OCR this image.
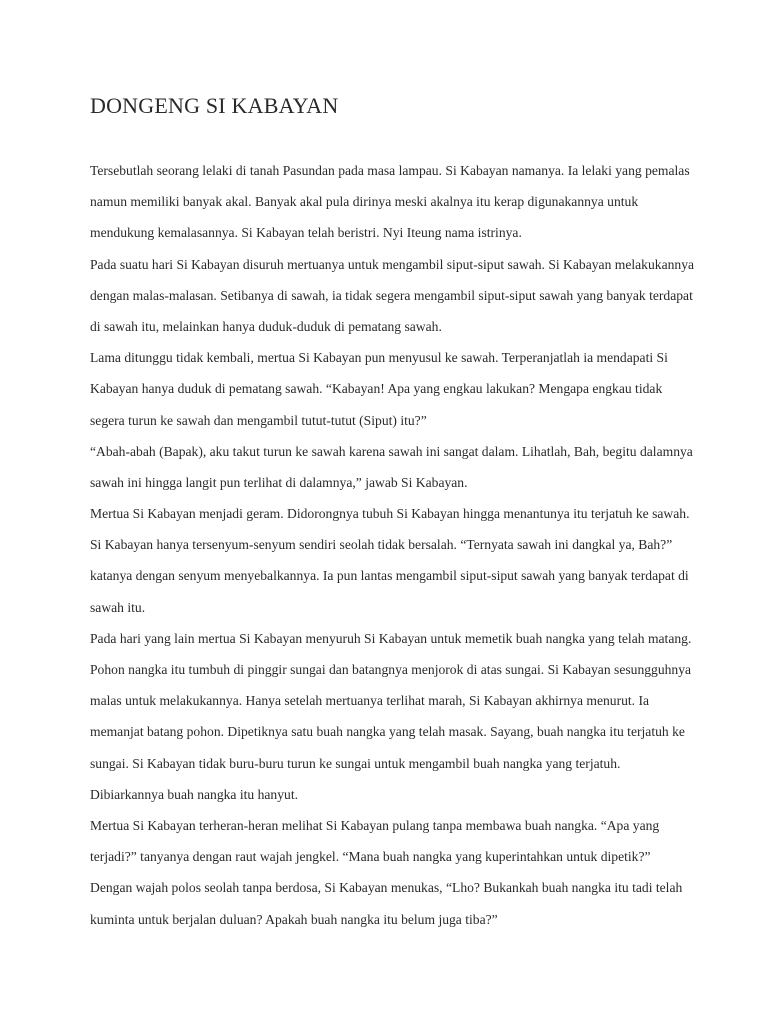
DONGENG SI KABAYAN

Tersebutlah seorang lelaki di tanah Pasundan pada masa lampau. Si Kabayan namanya. Ia lelaki yang pemalas
namun memiliki banyak akal. Banyak akal pula dirinya meski akalnya itu kerap digunakannya untuk
mendukung kemalasannya. Si Kabayan telah beristri. Nyi Iteung nama istrinya.

Pada suatu hari Si Kabayan disuruh mertuanya untuk mengambil siput-siput sawah. Si Kabayan melakukannya
dengan malas-malasan. Setibanya di sawah, ia tidak segera mengambil siput-siput sawah yang banyak terdapat
di sawah itu, melainkan hanya duduk-duduk di pematang sawah.

Lama ditunggu tidak kembali, mertua Si Kabayan pun menyusul ke sawah. Terperanjatlah ia mendapati Si
Kabayan hanya duduk di pematang sawah. “Kabayan! Apa yang engkau lakukan? Mengapa engkau tidak
segera turun ke sawah dan mengambil tutut-tutut (Siput) itu?”

“Abah-abah (Bapak), aku takut turun ke sawah karena sawah ini sangat dalam. Lihatlah, Bah, begitu dalamnya
sawah ini hingga langit pun terlihat di dalamnya,” jawab Si Kabayan.

Mertua Si Kabayan menjadi geram. Didorongnya tubuh Si Kabayan hingga menantunya itu terjatuh ke sawah.
Si Kabayan hanya tersenyum-senyum sendiri seolah tidak bersalah. “Ternyata sawah ini dangkal ya, Bah?”
katanya dengan senyum menyebalkannya. Ia pun lantas mengambil siput-siput sawah yang banyak terdapat di
sawah itu.

Pada hari yang lain mertua Si Kabayan menyuruh Si Kabayan untuk memetik buah nangka yang telah matang.
Pohon nangka itu tumbuh di pinggir sungai dan batangnya menjorok di atas sungai. Si Kabayan sesungguhnya
malas untuk melakukannya. Hanya setelah mertuanya terlihat marah, Si Kabayan akhirnya menurut. Ia
memanjat batang pohon. Dipetiknya satu buah nangka yang telah masak. Sayang, buah nangka itu terjatuh ke
sungai. Si Kabayan tidak buru-buru turun ke sungai untuk mengambil buah nangka yang terjatuh.
Dibiarkannya buah nangka itu hanyut.

Mertua Si Kabayan terheran-heran melihat Si Kabayan pulang tanpa membawa buah nangka. “Apa yang
terjadi?” tanyanya dengan raut wajah jengkel. “Mana buah nangka yang kuperintahkan untuk dipetik?”

Dengan wajah polos seolah tanpa berdosa, Si Kabayan menukas, “Lho? Bukankah buah nangka itu tadi telah
kuminta untuk berjalan duluan? Apakah buah nangka itu belum juga tiba?”
